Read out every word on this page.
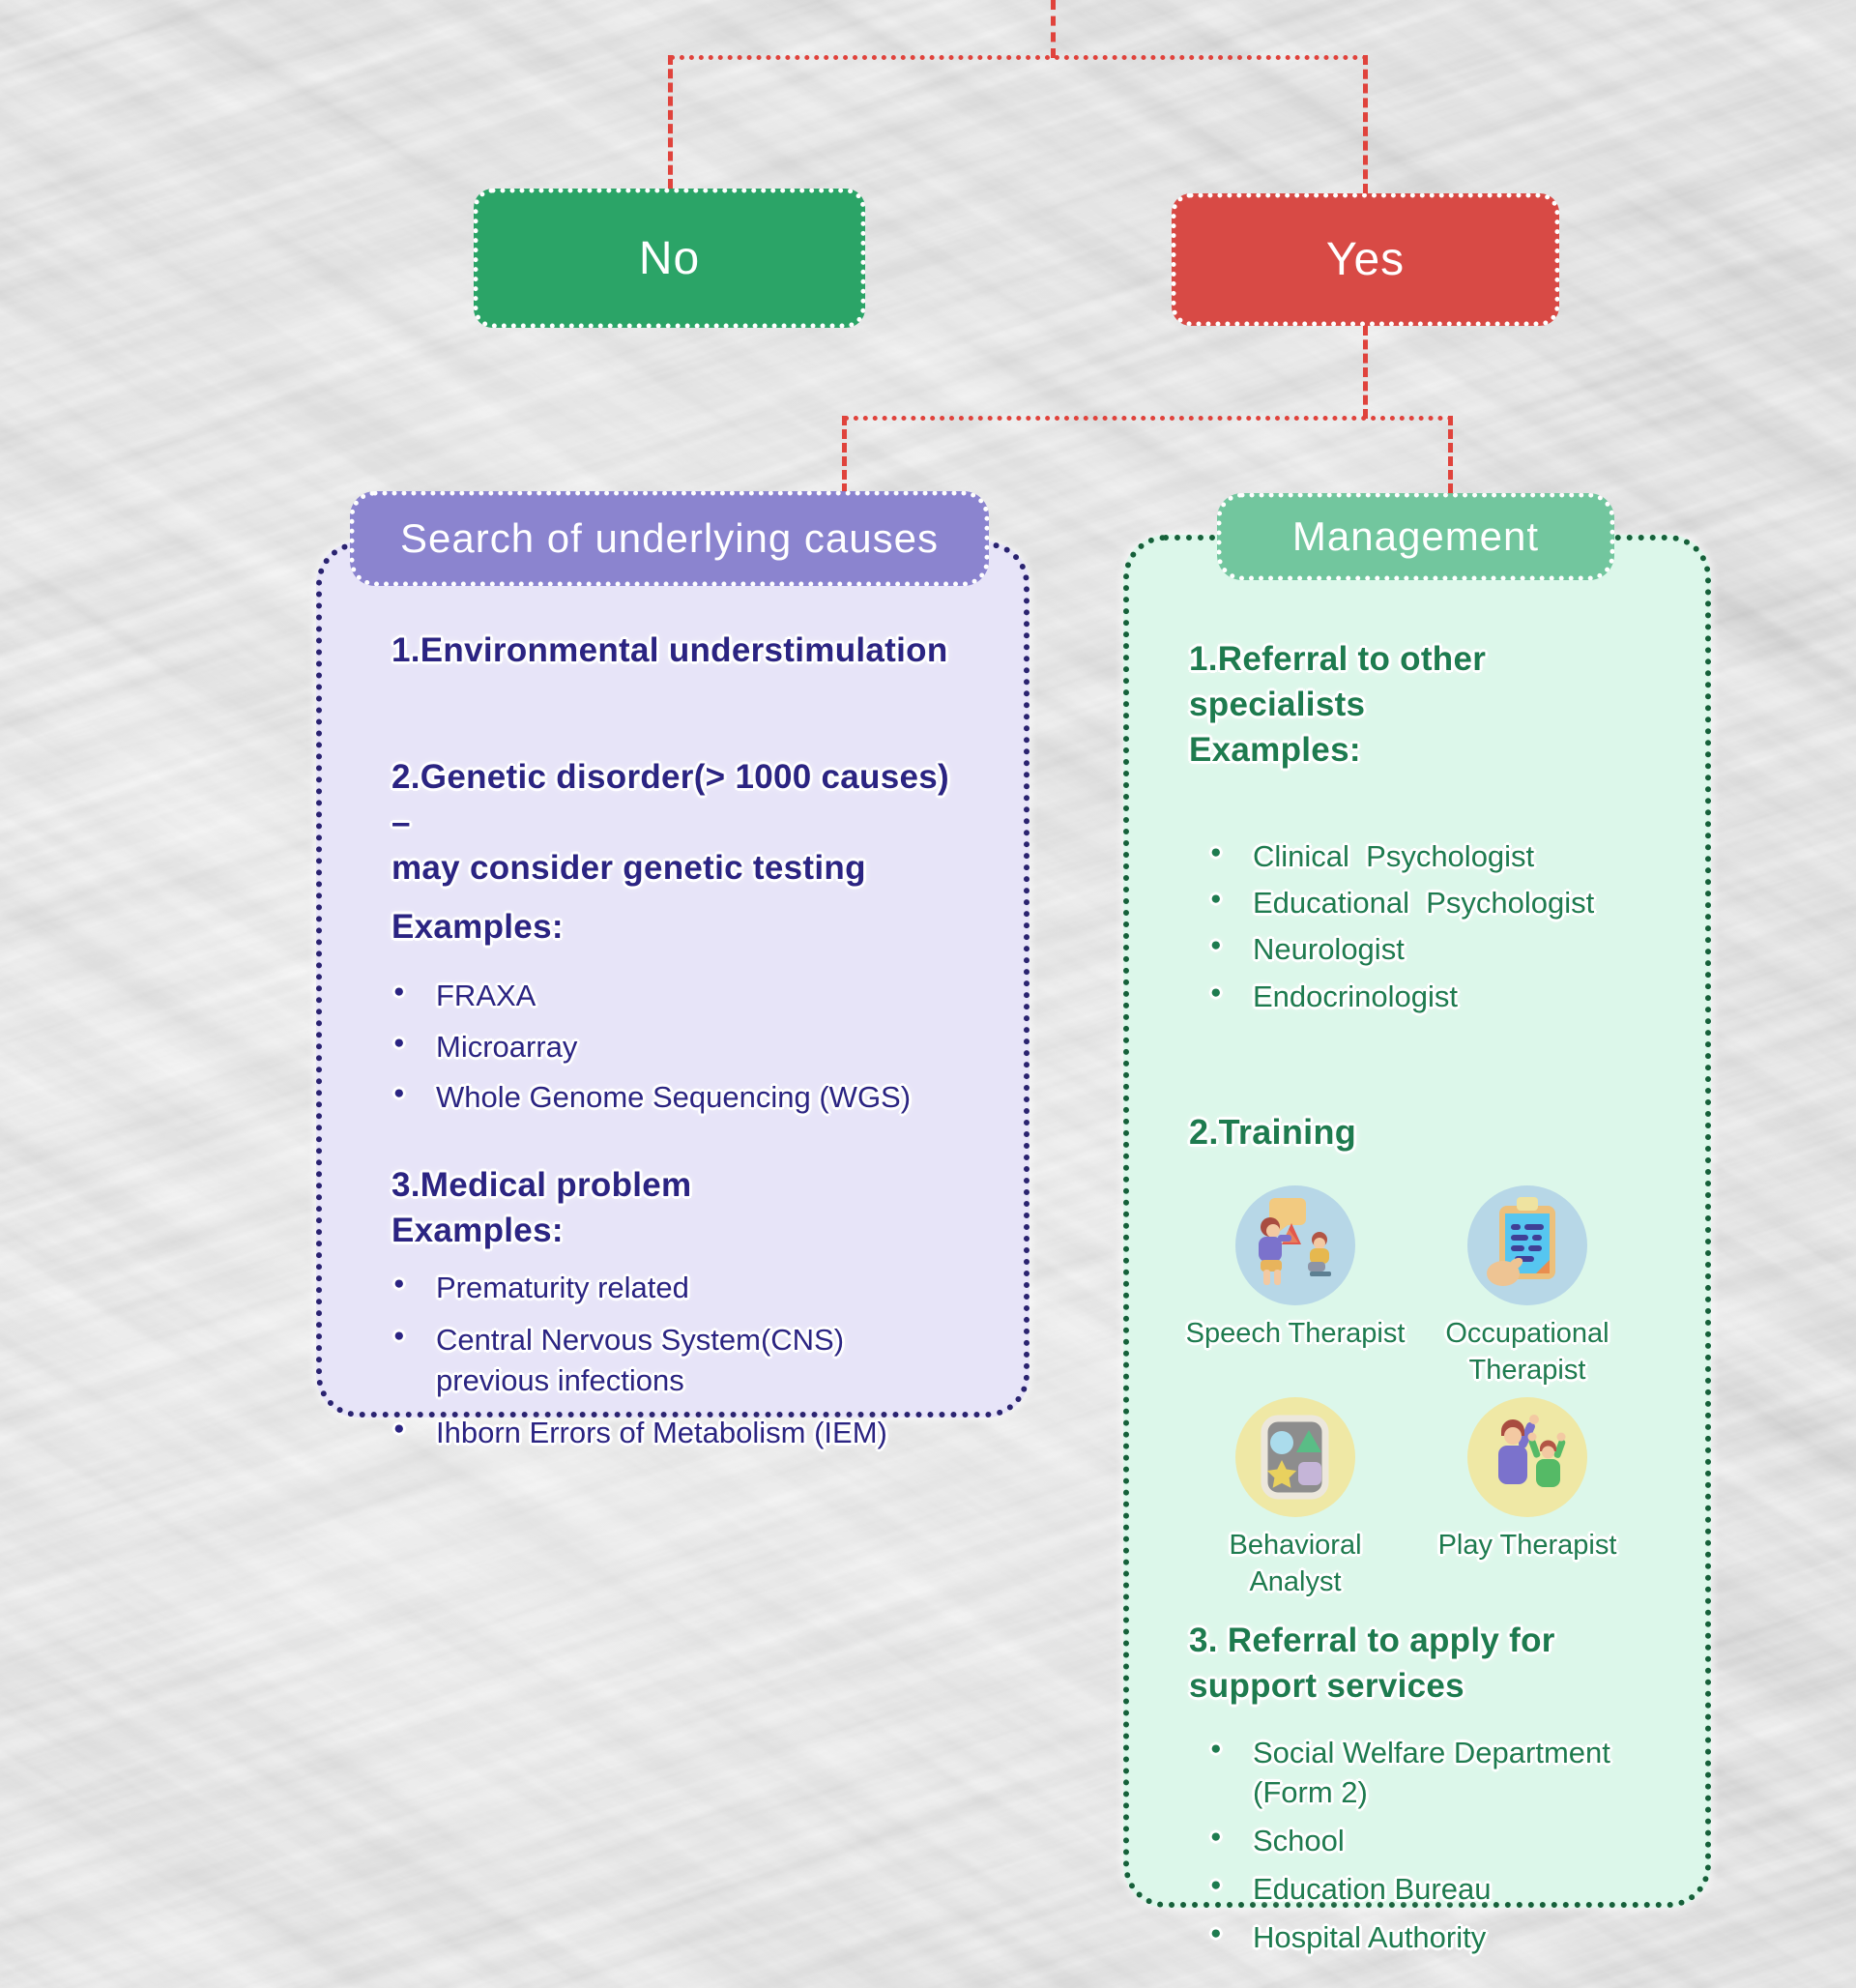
No	Yes
1.Environmental understimulation
2.Genetic disorder(> 1000 causes) –
may consider genetic testing
Examples:
● FRAXA
● Microarray
● Whole Genome Sequencing (WGS)
3.Medical problem
Examples:
● Prematurity related
● Central Nervous System(CNS) previous infections
● Ihborn Errors of Metabolism (IEM)
Search of underlying causes
1.Referral to other specialists
Examples:
● Clinical  Psychologist
● Educational  Psychologist
● Neurologist
● Endocrinologist
2.Training
Speech Therapist	Occupational Therapist
Behavioral Analyst
Play Therapist
3. Referral to apply for
support services
● Social Welfare Department (Form 2)
● School
● Education Bureau
● Hospital Authority
Management
